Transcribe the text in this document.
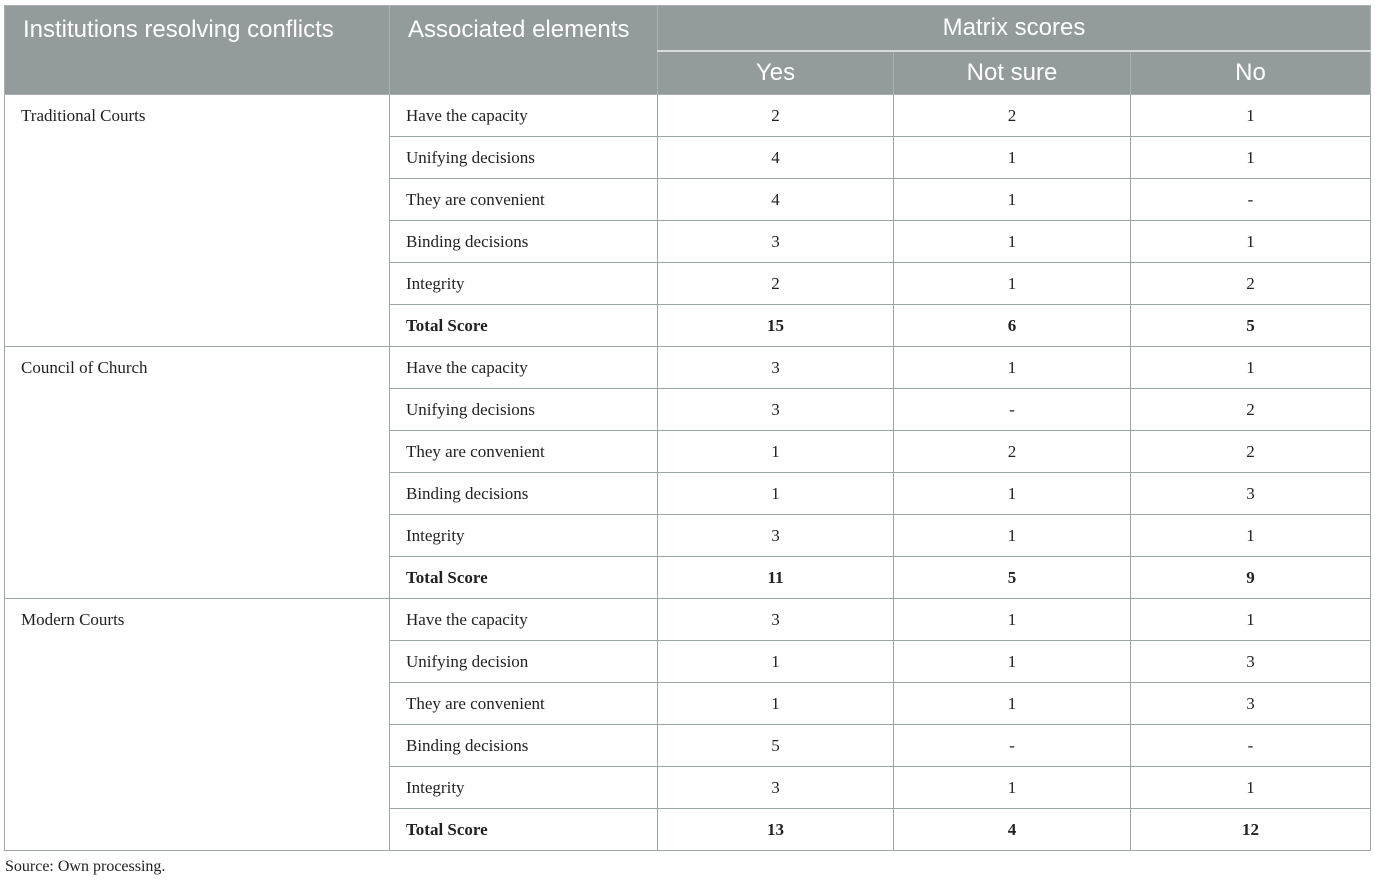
Institutions resolving conflicts	Associated elements	Matrix scores		
		Yes	Not sure	No
Traditional Courts	Have the capacity	2	2	1
	Unifying decisions	4	1	1
	They are convenient	4	1	-
	Binding decisions	3	1	1
	Integrity	2	1	2
	Total Score	15	6	5
Council of Church	Have the capacity	3	1	1
	Unifying decisions	3	-	2
	They are convenient	1	2	2
	Binding decisions	1	1	3
	Integrity	3	1	1
	Total Score	11	5	9
Modern Courts	Have the capacity	3	1	1
	Unifying decision	1	1	3
	They are convenient	1	1	3
	Binding decisions	5	-	-
	Integrity	3	1	1
	Total Score	13	4	12
Source: Own processing.
